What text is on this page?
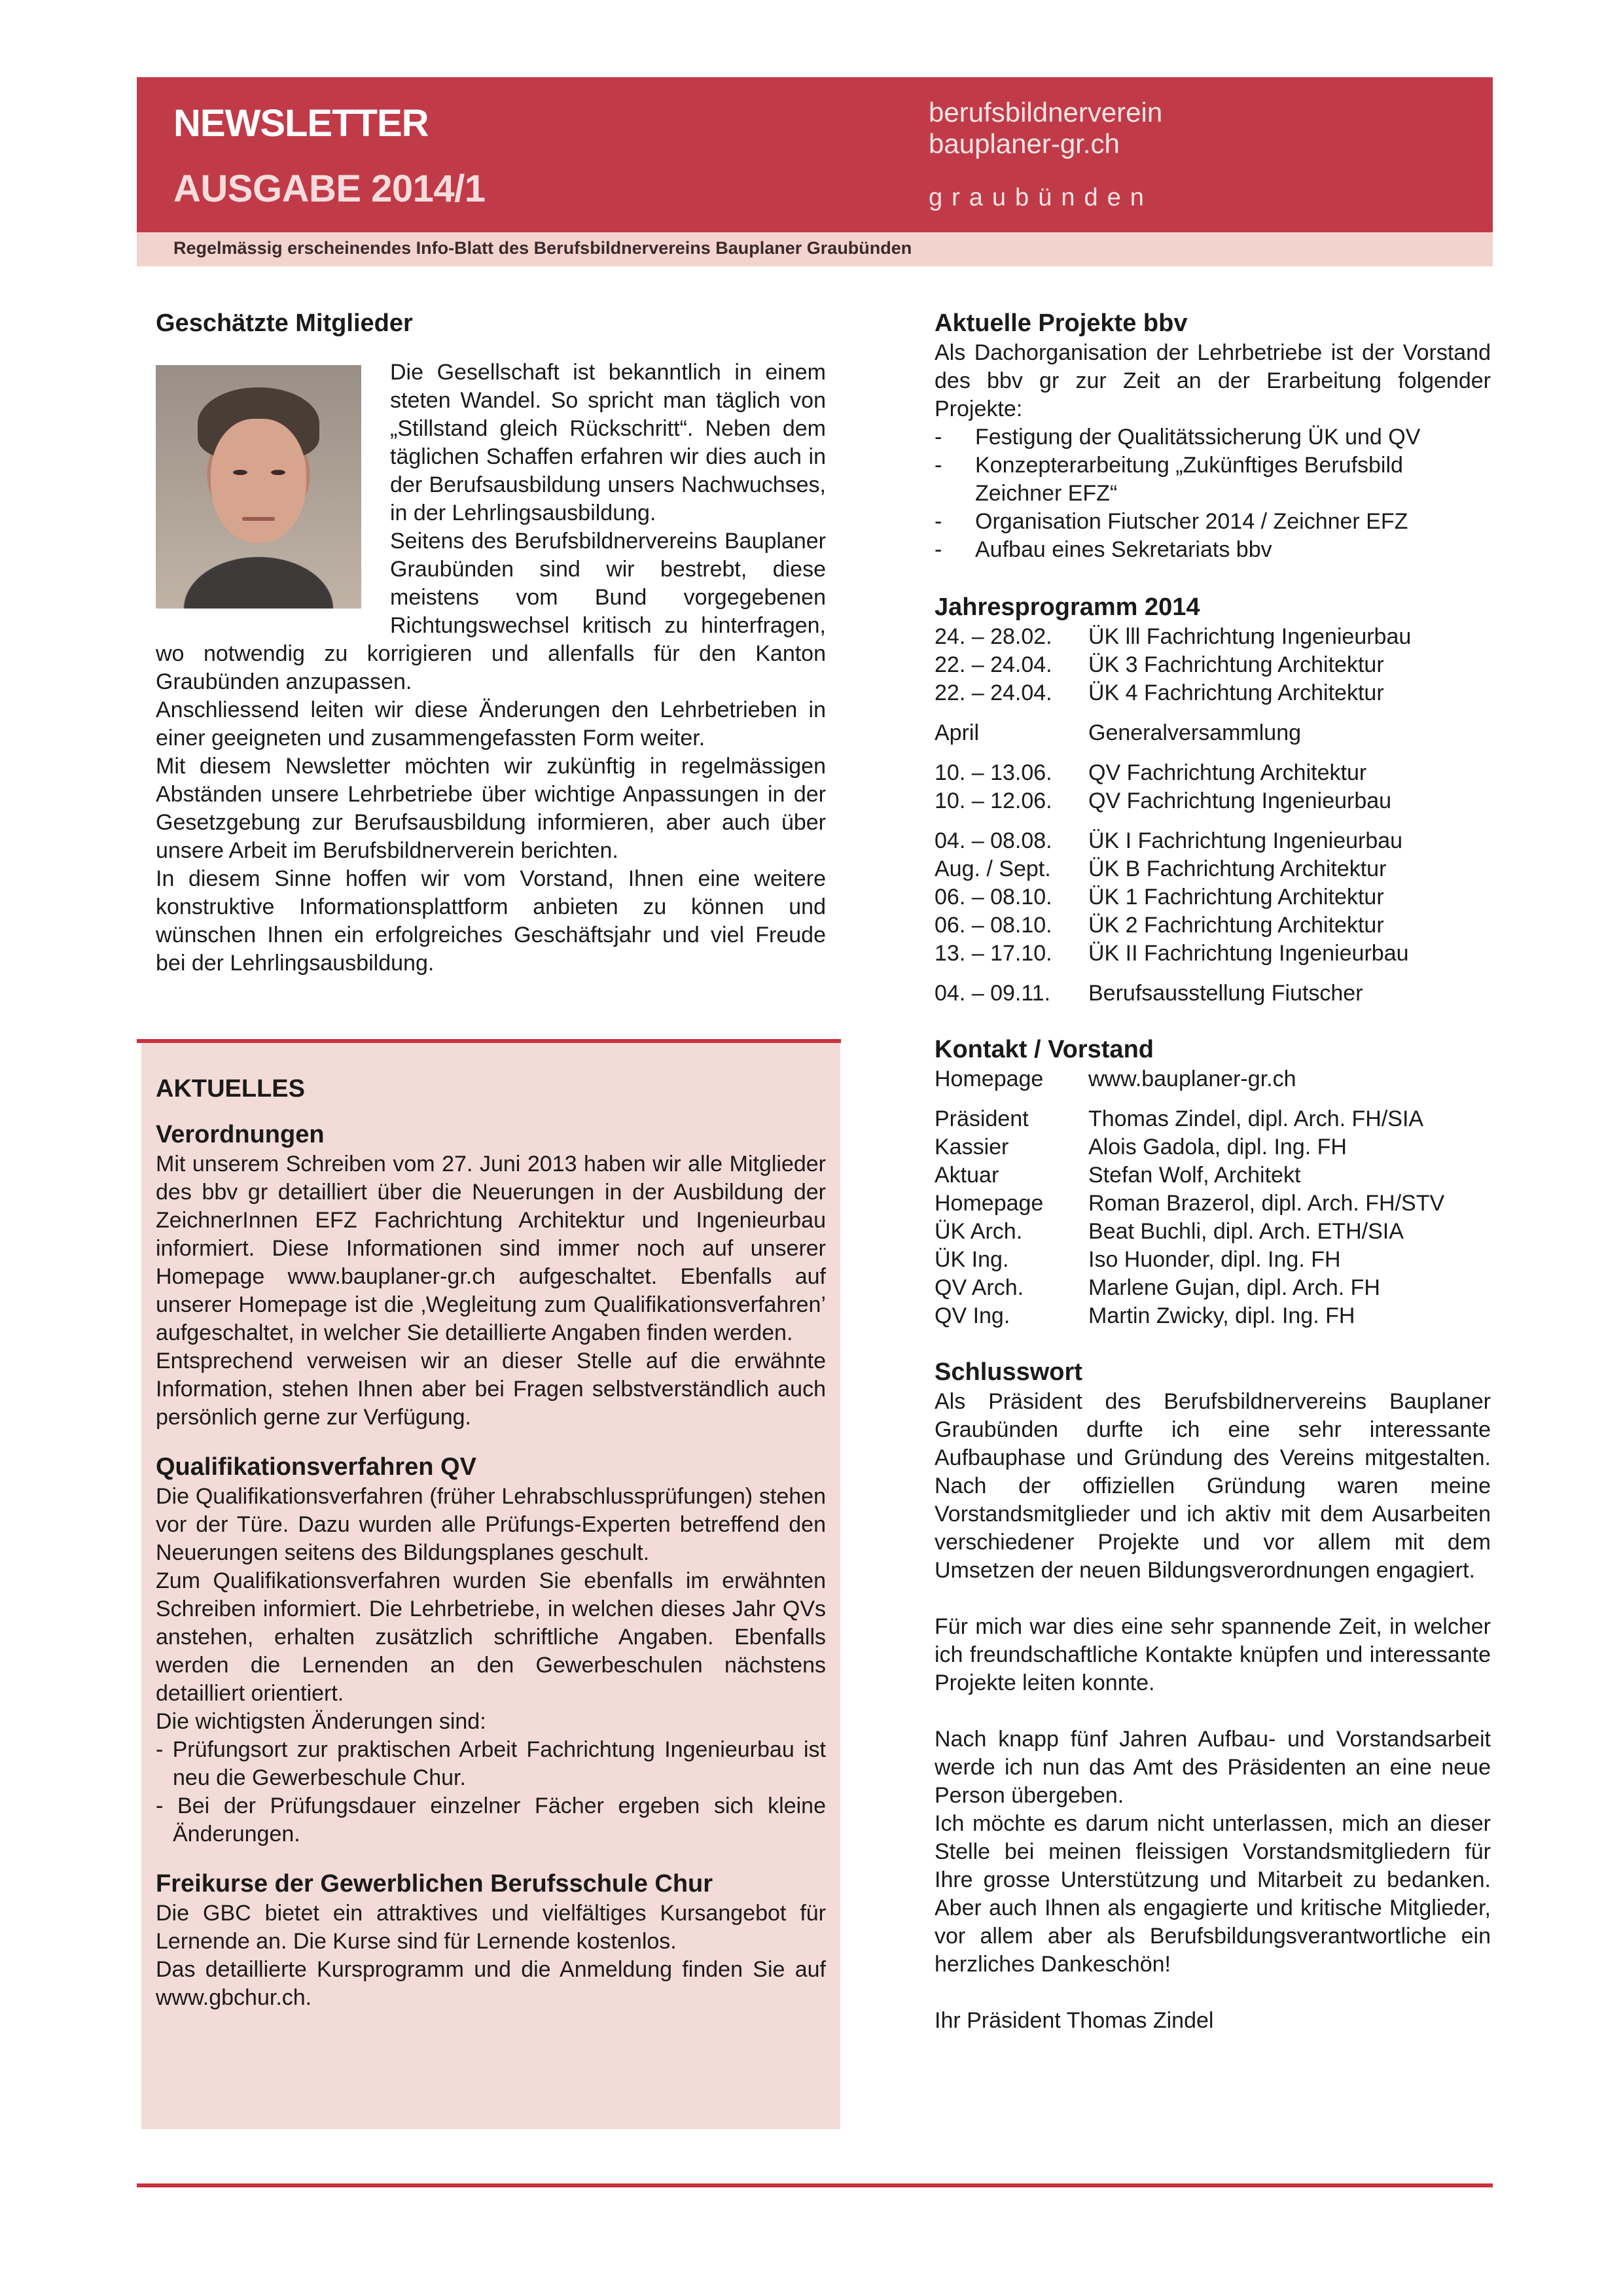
NEWSLETTER
AUSGABE 2014/1
berufsbildnerverein
bauplaner-gr.ch
graubünden
Regelmässig erscheinendes Info-Blatt des Berufsbildnervereins Bauplaner Graubünden
Geschätzte Mitglieder
Die Gesellschaft ist bekanntlich in einem steten Wandel. So spricht man täglich von „Stillstand gleich Rückschritt“. Neben dem täglichen Schaffen erfahren wir dies auch in der Berufsausbildung unsers Nachwuchses, in der Lehrlingsausbildung.
Seitens des Berufsbildnervereins Bauplaner Graubünden sind wir bestrebt, diese meistens vom Bund vorgegebenen Richtungswechsel kritisch zu hinterfragen, wo notwendig zu korrigieren und allenfalls für den Kanton Graubünden anzupassen.
Anschliessend leiten wir diese Änderungen den Lehrbetrieben in einer geeigneten und zusammengefassten Form weiter.
Mit diesem Newsletter möchten wir zukünftig in regelmässigen Abständen unsere Lehrbetriebe über wichtige Anpassungen in der Gesetzgebung zur Berufsausbildung informieren, aber auch über unsere Arbeit im Berufsbildnerverein berichten.
In diesem Sinne hoffen wir vom Vorstand, Ihnen eine weitere konstruktive Informationsplattform anbieten zu können und wünschen Ihnen ein erfolgreiches Geschäftsjahr und viel Freude bei der Lehrlingsausbildung.
AKTUELLES
Verordnungen
Mit unserem Schreiben vom 27. Juni 2013 haben wir alle Mitglieder des bbv gr detailliert über die Neuerungen in der Ausbildung der ZeichnerInnen EFZ Fachrichtung Architektur und Ingenieurbau informiert. Diese Informationen sind immer noch auf unserer Homepage www.bauplaner-gr.ch aufgeschaltet. Ebenfalls auf unserer Homepage ist die ‚Wegleitung zum Qualifikationsverfahren’ aufgeschaltet, in welcher Sie detaillierte Angaben finden werden.
Entsprechend verweisen wir an dieser Stelle auf die erwähnte Information, stehen Ihnen aber bei Fragen selbstverständlich auch persönlich gerne zur Verfügung.
Qualifikationsverfahren QV
Die Qualifikationsverfahren (früher Lehrabschlussprüfungen) stehen vor der Türe. Dazu wurden alle Prüfungs-Experten betreffend den Neuerungen seitens des Bildungsplanes geschult.
Zum Qualifikationsverfahren wurden Sie ebenfalls im erwähnten Schreiben informiert. Die Lehrbetriebe, in welchen dieses Jahr QVs anstehen, erhalten zusätzlich schriftliche Angaben. Ebenfalls werden die Lernenden an den Gewerbeschulen nächstens detailliert orientiert.
Die wichtigsten Änderungen sind:
- Prüfungsort zur praktischen Arbeit Fachrichtung Ingenieurbau ist neu die Gewerbeschule Chur.
- Bei der Prüfungsdauer einzelner Fächer ergeben sich kleine Änderungen.
Freikurse der Gewerblichen Berufsschule Chur
Die GBC bietet ein attraktives und vielfältiges Kursangebot für Lernende an. Die Kurse sind für Lernende kostenlos.
Das detaillierte Kursprogramm und die Anmeldung finden Sie auf www.gbchur.ch.
Aktuelle Projekte bbv
Als Dachorganisation der Lehrbetriebe ist der Vorstand des bbv gr zur Zeit an der Erarbeitung folgender Projekte:
- Festigung der Qualitätssicherung ÜK und QV
- Konzepterarbeitung „Zukünftiges Berufsbild Zeichner EFZ“
- Organisation Fiutscher 2014 / Zeichner EFZ
- Aufbau eines Sekretariats bbv
Jahresprogramm 2014
24. – 28.02.	ÜK lll Fachrichtung Ingenieurbau
22. – 24.04.	ÜK 3 Fachrichtung Architektur
22. – 24.04.	ÜK 4 Fachrichtung Architektur
April	Generalversammlung
10. – 13.06.	QV Fachrichtung Architektur
10. – 12.06.	QV Fachrichtung Ingenieurbau
04. – 08.08.	ÜK I Fachrichtung Ingenieurbau
Aug. / Sept.	ÜK B Fachrichtung Architektur
06. – 08.10.	ÜK 1 Fachrichtung Architektur
06. – 08.10.	ÜK 2 Fachrichtung Architektur
13. – 17.10.	ÜK II Fachrichtung Ingenieurbau
04. – 09.11.	Berufsausstellung Fiutscher
Kontakt / Vorstand
Homepage	www.bauplaner-gr.ch
Präsident	Thomas Zindel, dipl. Arch. FH/SIA
Kassier	Alois Gadola, dipl. Ing. FH
Aktuar	Stefan Wolf, Architekt
Homepage	Roman Brazerol, dipl. Arch. FH/STV
ÜK Arch.	Beat Buchli, dipl. Arch. ETH/SIA
ÜK Ing.	Iso Huonder, dipl. Ing. FH
QV Arch.	Marlene Gujan, dipl. Arch. FH
QV Ing.	Martin Zwicky, dipl. Ing. FH
Schlusswort
Als Präsident des Berufsbildnervereins Bauplaner Graubünden durfte ich eine sehr interessante Aufbauphase und Gründung des Vereins mitgestalten. Nach der offiziellen Gründung waren meine Vorstandsmitglieder und ich aktiv mit dem Ausarbeiten verschiedener Projekte und vor allem mit dem Umsetzen der neuen Bildungsverordnungen engagiert.
Für mich war dies eine sehr spannende Zeit, in welcher ich freundschaftliche Kontakte knüpfen und interessante Projekte leiten konnte.
Nach knapp fünf Jahren Aufbau- und Vorstandsarbeit werde ich nun das Amt des Präsidenten an eine neue Person übergeben.
Ich möchte es darum nicht unterlassen, mich an dieser Stelle bei meinen fleissigen Vorstandsmitgliedern für Ihre grosse Unterstützung und Mitarbeit zu bedanken. Aber auch Ihnen als engagierte und kritische Mitglieder, vor allem aber als Berufsbildungsverantwortliche ein herzliches Dankeschön!
Ihr Präsident Thomas Zindel
